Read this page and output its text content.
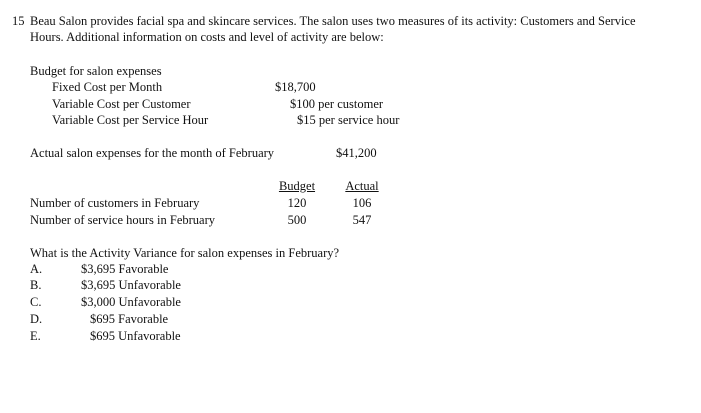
15 Beau Salon provides facial spa and skincare services. The salon uses two measures of its activity: Customers and Service
Hours. Additional information on costs and level of activity are below:
Budget for salon expenses
Fixed Cost per Month	$18,700
Variable Cost per Customer	$100 per customer
Variable Cost per Service Hour	$15 per service hour
Actual salon expenses for the month of February	$41,200
Budget	Actual
Number of customers in February	120	106
Number of service hours in February	500	547
What is the Activity Variance for salon expenses in February?
A.	$3,695 Favorable
B.	$3,695 Unfavorable
C.	$3,000 Unfavorable
D.	$695 Favorable
E.	$695 Unfavorable
